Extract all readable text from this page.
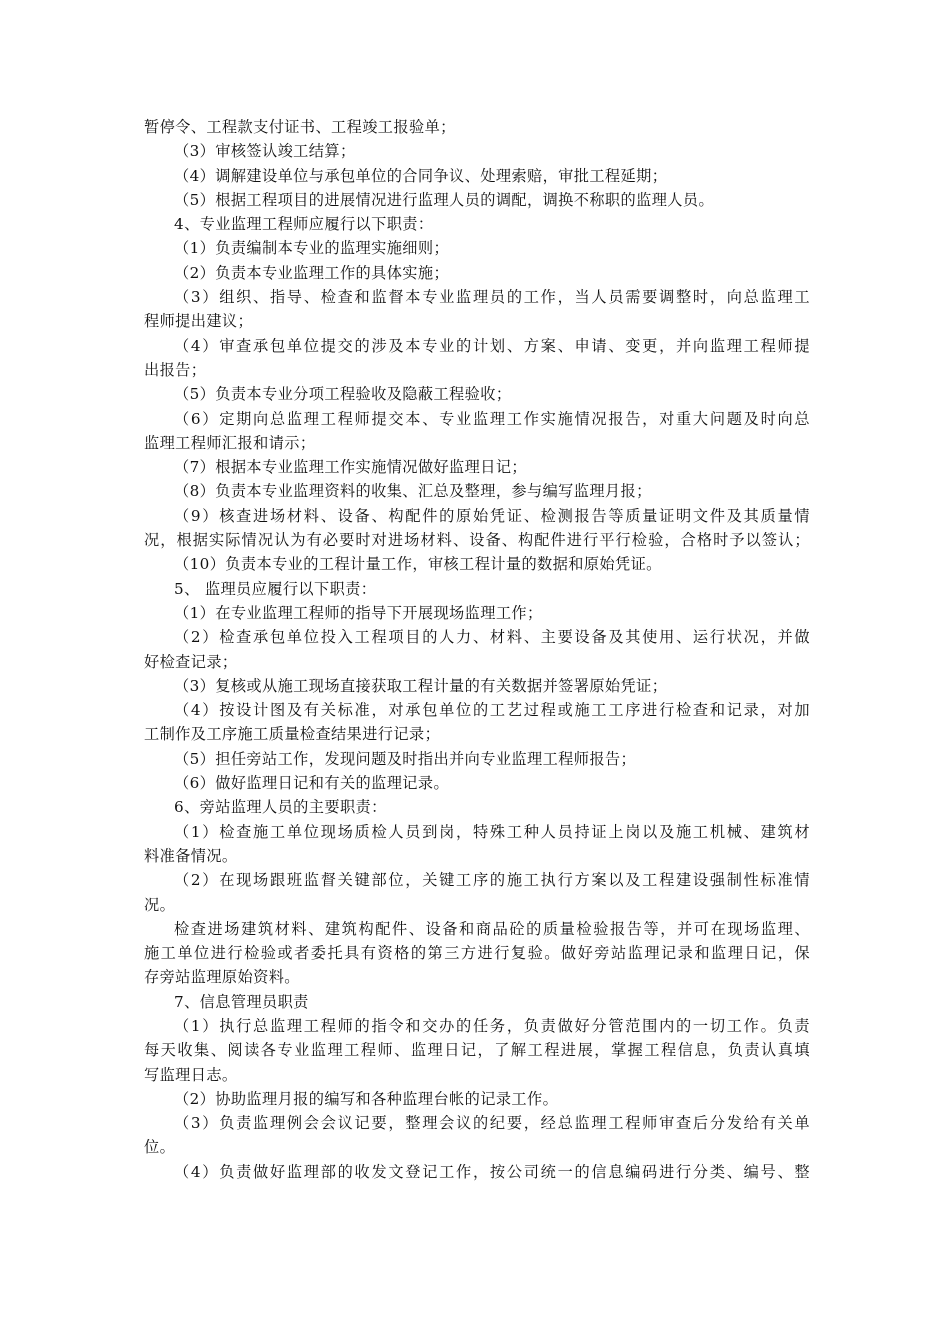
暂停令、工程款支付证书、工程竣工报验单；

（3）审核签认竣工结算；

（4）调解建设单位与承包单位的合同争议、处理索赔，审批工程延期；

（5）根据工程项目的进展情况进行监理人员的调配，调换不称职的监理人员。

4、专业监理工程师应履行以下职责：

（1）负责编制本专业的监理实施细则；

（2）负责本专业监理工作的具体实施；

（3）组织、指导、检查和监督本专业监理员的工作，当人员需要调整时，向总监理工

程师提出建议；

（4）审查承包单位提交的涉及本专业的计划、方案、申请、变更，并向监理工程师提

出报告；

（5）负责本专业分项工程验收及隐蔽工程验收；

（6）定期向总监理工程师提交本、专业监理工作实施情况报告，对重大问题及时向总

监理工程师汇报和请示；

（7）根据本专业监理工作实施情况做好监理日记；

（8）负责本专业监理资料的收集、汇总及整理，参与编写监理月报；

（9）核查进场材料、设备、构配件的原始凭证、检测报告等质量证明文件及其质量情

况，根据实际情况认为有必要时对进场材料、设备、构配件进行平行检验，合格时予以签认；

（10）负责本专业的工程计量工作，审核工程计量的数据和原始凭证。

5、 监理员应履行以下职责：

（1）在专业监理工程师的指导下开展现场监理工作；

（2）检查承包单位投入工程项目的人力、材料、主要设备及其使用、运行状况，并做

好检查记录；

（3）复核或从施工现场直接获取工程计量的有关数据并签署原始凭证；

（4）按设计图及有关标准，对承包单位的工艺过程或施工工序进行检查和记录，对加

工制作及工序施工质量检查结果进行记录；

（5）担任旁站工作，发现问题及时指出并向专业监理工程师报告；

（6）做好监理日记和有关的监理记录。

6、旁站监理人员的主要职责：

（1）检查施工单位现场质检人员到岗，特殊工种人员持证上岗以及施工机械、建筑材

料准备情况。

（2）在现场跟班监督关键部位，关键工序的施工执行方案以及工程建设强制性标准情

况。

检查进场建筑材料、建筑构配件、设备和商品砼的质量检验报告等，并可在现场监理、

施工单位进行检验或者委托具有资格的第三方进行复验。做好旁站监理记录和监理日记，保

存旁站监理原始资料。

7、信息管理员职责

（1）执行总监理工程师的指令和交办的任务，负责做好分管范围内的一切工作。负责

每天收集、阅读各专业监理工程师、监理日记，了解工程进展，掌握工程信息，负责认真填

写监理日志。

（2）协助监理月报的编写和各种监理台帐的记录工作。

（3）负责监理例会会议记要，整理会议的纪要，经总监理工程师审查后分发给有关单

位。

（4）负责做好监理部的收发文登记工作，按公司统一的信息编码进行分类、编号、整
